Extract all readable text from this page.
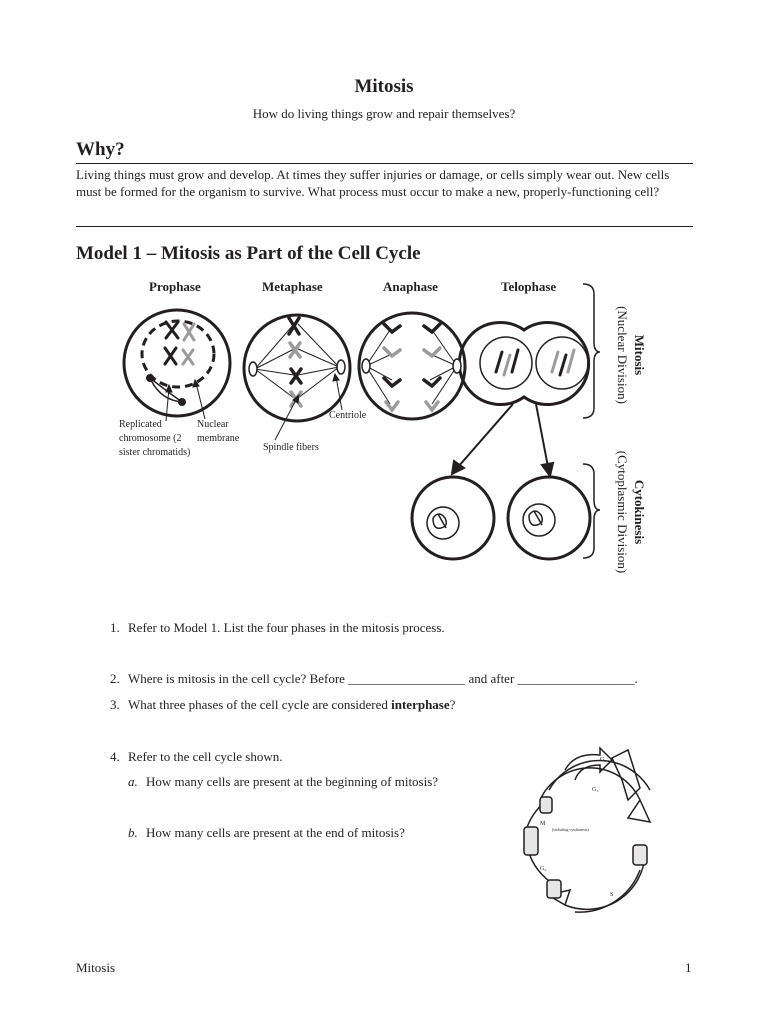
Mitosis
How do living things grow and repair themselves?
Why?
Living things must grow and develop. At times they suffer injuries or damage, or cells simply wear out. New cells must be formed for the organism to survive. What process must occur to make a new, properly-functioning cell?
Model 1 – Mitosis as Part of the Cell Cycle
Prophase	Metaphase	Anaphase	Telophase
Replicated chromosome (2 sister chromatids)
Nuclear membrane
Spindle fibers
Centriole
Mitosis
(Nuclear Division)
Cytokinesis
(Cytoplasmic Division)
1. Refer to Model 1. List the four phases in the mitosis process.
2. Where is mitosis in the cell cycle? Before __________________ and after __________________.
3. What three phases of the cell cycle are considered interphase?
4. Refer to the cell cycle shown.
a. How many cells are present at the beginning of mitosis?
b. How many cells are present at the end of mitosis?
G₀
G₁
M
(including cytokinesis)
G₂
S
Mitosis	1
